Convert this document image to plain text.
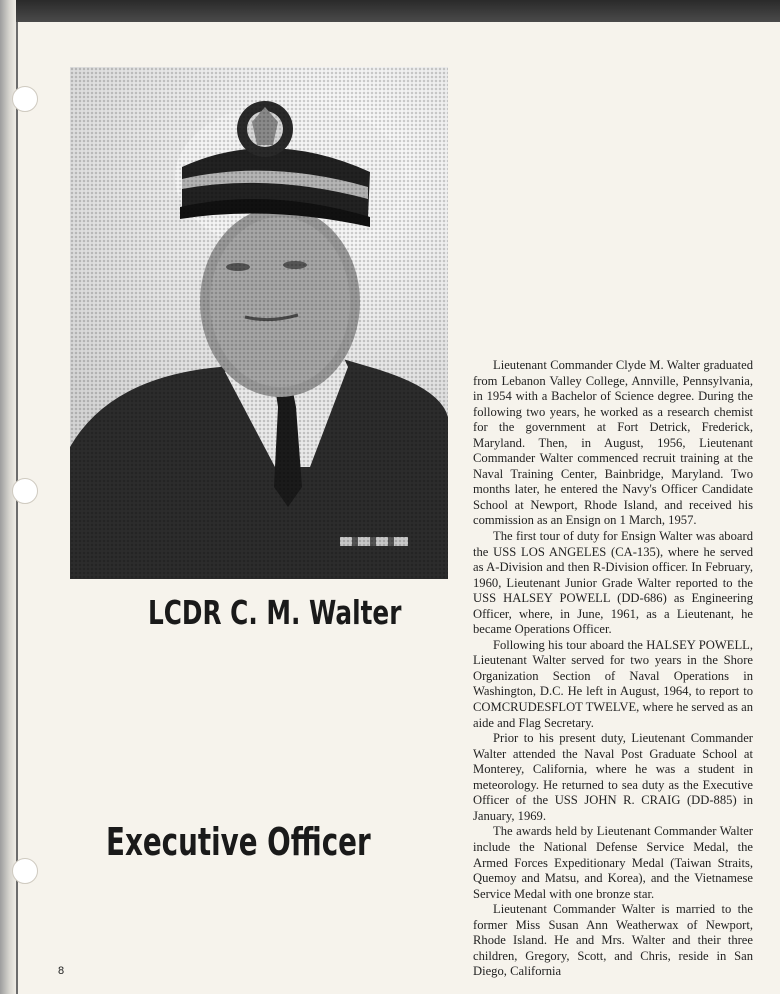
LCDR C. M. Walter
Executive Officer

Lieutenant Commander Clyde M. Walter graduated from Lebanon Valley College, Annville, Pennsylvania, in 1954 with a Bachelor of Science degree. During the following two years, he worked as a research chemist for the government at Fort Detrick, Frederick, Maryland. Then, in August, 1956, Lieutenant Commander Walter commenced recruit training at the Naval Training Center, Bainbridge, Maryland. Two months later, he entered the Navy's Officer Candidate School at Newport, Rhode Island, and received his commission as an Ensign on 1 March, 1957.

The first tour of duty for Ensign Walter was aboard the USS LOS ANGELES (CA-135), where he served as A-Division and then R-Division officer. In February, 1960, Lieutenant Junior Grade Walter reported to the USS HALSEY POWELL (DD-686) as Engineering Officer, where, in June, 1961, as a Lieutenant, he became Operations Officer.

Following his tour aboard the HALSEY POWELL, Lieutenant Walter served for two years in the Shore Organization Section of Naval Operations in Washington, D.C. He left in August, 1964, to report to COMCRUDESFLOT TWELVE, where he served as an aide and Flag Secretary.

Prior to his present duty, Lieutenant Commander Walter attended the Naval Post Graduate School at Monterey, California, where he was a student in meteorology. He returned to sea duty as the Executive Officer of the USS JOHN R. CRAIG (DD-885) in January, 1969.

The awards held by Lieutenant Commander Walter include the National Defense Service Medal, the Armed Forces Expeditionary Medal (Taiwan Straits, Quemoy and Matsu, and Korea), and the Vietnamese Service Medal with one bronze star.

Lieutenant Commander Walter is married to the former Miss Susan Ann Weatherwax of Newport, Rhode Island. He and Mrs. Walter and their three children, Gregory, Scott, and Chris, reside in San Diego, California

8
